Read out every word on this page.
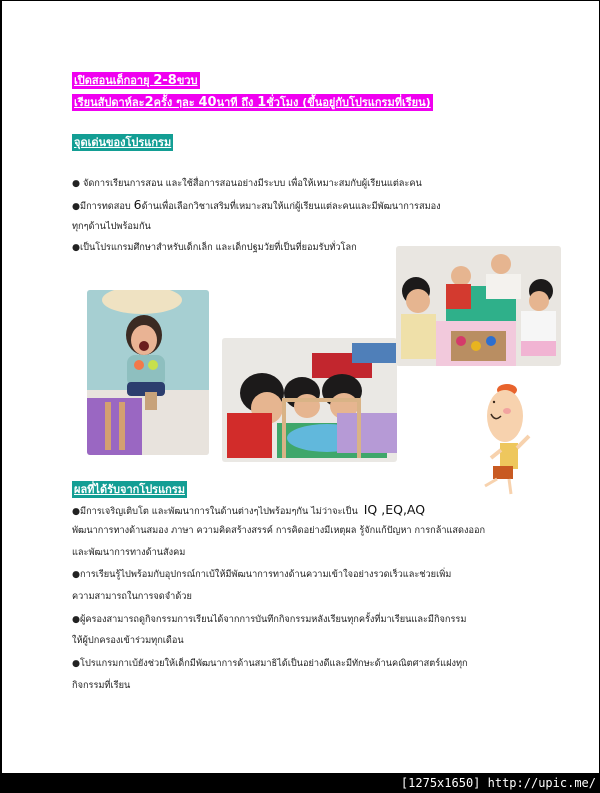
เปิดสอนเด็กอายุ 2-8ขวบ
เรียนสัปดาห์ละ2ครั้ง ๆละ 40นาที ถึง 1ชั่วโมง (ขึ้นอยู่กับโปรแกรมที่เรียน)
จุดเด่นของโปรแกรม
● จัดการเรียนการสอน และใช้สื่อการสอนอย่างมีระบบ เพื่อให้เหมาะสมกับผู้เรียนแต่ละคน
●มีการทดสอบ 6ด้านเพื่อเลือกวิชาเสริมที่เหมาะสมให้แก่ผู้เรียนแต่ละคนและมีพัฒนาการสมอง
ทุกๆด้านไปพร้อมกัน
●เป็นโปรแกรมศึกษาสำหรับเด็กเล็ก และเด็กปฐมวัยที่เป็นที่ยอมรับทั่วโลก
ผลที่ได้รับจากโปรแกรม
●มีการเจริญเติบโต และพัฒนาการในด้านต่างๆไปพร้อมๆกัน ไม่ว่าจะเป็น IQ ,EQ,AQ
พัฒนาการทางด้านสมอง ภาษา ความคิดสร้างสรรค์ การคิดอย่างมีเหตุผล รู้จักแก้ปัญหา การกล้าแสดงออก
และพัฒนาการทางด้านสังคม
●การเรียนรู้ไปพร้อมกับอุปกรณ์กาเบ้ให้มีพัฒนาการทางด้านความเข้าใจอย่างรวดเร็วและช่วยเพิ่ม
ความสามารถในการจดจำด้วย
●ผู้ครองสามารถดูกิจกรรมการเรียนได้จากการบันทึกกิจกรรมหลังเรียนทุกครั้งที่มาเรียนและมีกิจกรรม
ให้ผู้ปกครองเข้าร่วมทุกเดือน
●โปรแกรมกาเบ้ยังช่วยให้เด็กมีพัฒนาการด้านสมาธิได้เป็นอย่างดีและมีทักษะด้านคณิตศาสตร์แฝงทุก
กิจกรรมที่เรียน
[1275x1650] http://upic.me/
